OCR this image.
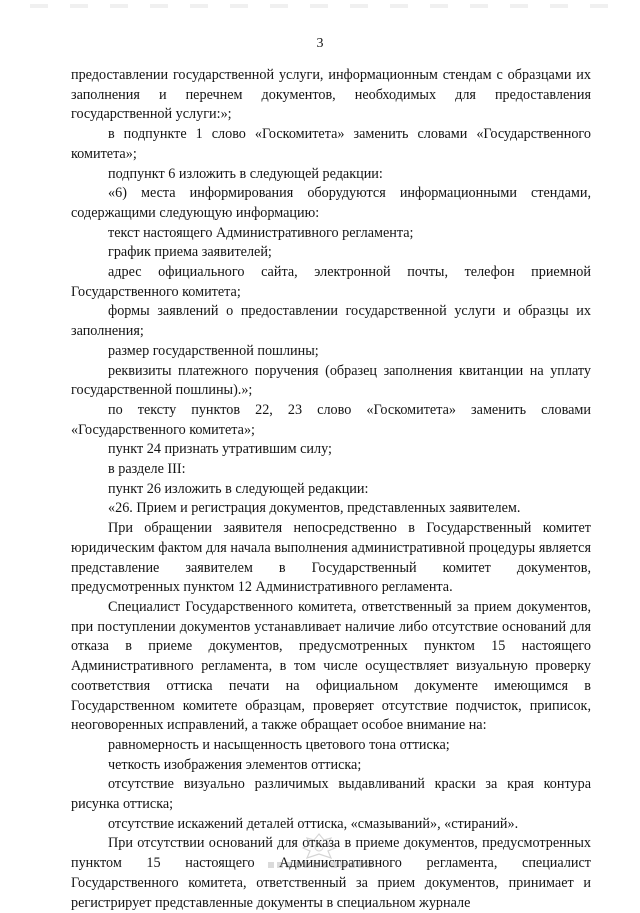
3

предоставлении государственной услуги, информационным стендам с образцами их заполнения и перечнем документов, необходимых для предоставления государственной услуги:»;

в подпункте 1 слово «Госкомитета» заменить словами «Государственного комитета»;

подпункт 6 изложить в следующей редакции:

«6) места информирования оборудуются информационными стендами, содержащими следующую информацию:

текст настоящего Административного регламента;

график приема заявителей;

адрес официального сайта, электронной почты, телефон приемной Государственного комитета;

формы заявлений о предоставлении государственной услуги и образцы их заполнения;

размер государственной пошлины;

реквизиты платежного поручения (образец заполнения квитанции на уплату государственной пошлины).»;

по тексту пунктов 22, 23 слово «Госкомитета» заменить словами «Государственного комитета»;

пункт 24 признать утратившим силу;

в разделе III:

пункт 26 изложить в следующей редакции:

«26. Прием и регистрация документов, представленных заявителем.

При обращении заявителя непосредственно в Государственный комитет юридическим фактом для начала выполнения административной процедуры является представление заявителем в Государственный комитет документов, предусмотренных пунктом 12 Административного регламента.

Специалист Государственного комитета, ответственный за прием документов, при поступлении документов устанавливает наличие либо отсутствие оснований для отказа в приеме документов, предусмотренных пунктом 15 настоящего Административного регламента, в том числе осуществляет визуальную проверку соответствия оттиска печати на официальном документе имеющимся в Государственном комитете образцам, проверяет отсутствие подчисток, приписок, неоговоренных исправлений, а также обращает особое внимание на:

равномерность и насыщенность цветового тона оттиска;

четкость изображения элементов оттиска;

отсутствие визуально различимых выдавливаний краски за края контура рисунка оттиска;

отсутствие искажений деталей оттиска, «смазываний», «стираний».

При отсутствии оснований для отказа в приеме документов, предусмотренных пунктом 15 настоящего Административного регламента, специалист Государственного комитета, ответственный за прием документов, принимает и регистрирует представленные документы в специальном журнале
